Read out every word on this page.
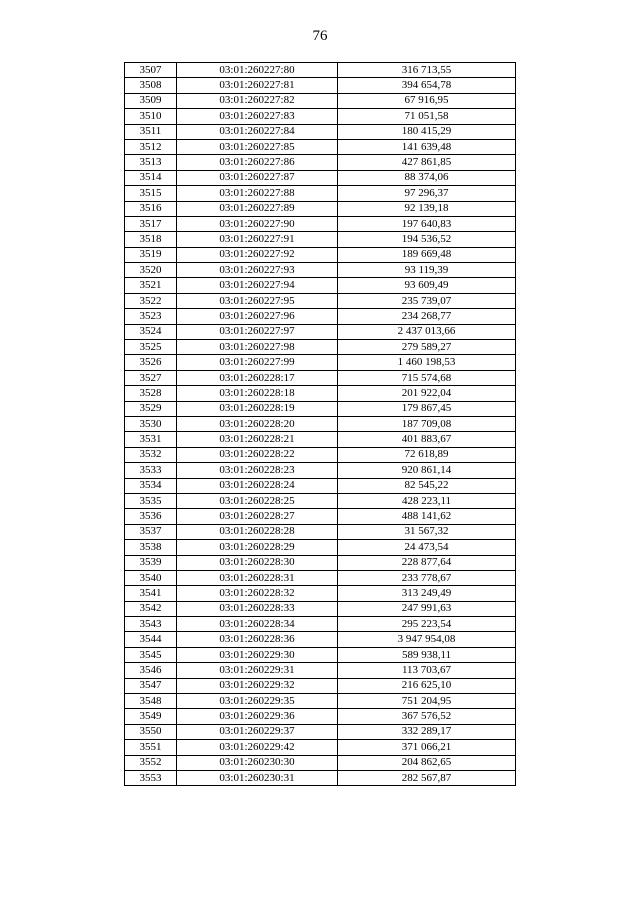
76
3507	03:01:260227:80	316 713,55
3508	03:01:260227:81	394 654,78
3509	03:01:260227:82	67 916,95
3510	03:01:260227:83	71 051,58
3511	03:01:260227:84	180 415,29
3512	03:01:260227:85	141 639,48
3513	03:01:260227:86	427 861,85
3514	03:01:260227:87	88 374,06
3515	03:01:260227:88	97 296,37
3516	03:01:260227:89	92 139,18
3517	03:01:260227:90	197 640,83
3518	03:01:260227:91	194 536,52
3519	03:01:260227:92	189 669,48
3520	03:01:260227:93	93 119,39
3521	03:01:260227:94	93 609,49
3522	03:01:260227:95	235 739,07
3523	03:01:260227:96	234 268,77
3524	03:01:260227:97	2 437 013,66
3525	03:01:260227:98	279 589,27
3526	03:01:260227:99	1 460 198,53
3527	03:01:260228:17	715 574,68
3528	03:01:260228:18	201 922,04
3529	03:01:260228:19	179 867,45
3530	03:01:260228:20	187 709,08
3531	03:01:260228:21	401 883,67
3532	03:01:260228:22	72 618,89
3533	03:01:260228:23	920 861,14
3534	03:01:260228:24	82 545,22
3535	03:01:260228:25	428 223,11
3536	03:01:260228:27	488 141,62
3537	03:01:260228:28	31 567,32
3538	03:01:260228:29	24 473,54
3539	03:01:260228:30	228 877,64
3540	03:01:260228:31	233 778,67
3541	03:01:260228:32	313 249,49
3542	03:01:260228:33	247 991,63
3543	03:01:260228:34	295 223,54
3544	03:01:260228:36	3 947 954,08
3545	03:01:260229:30	589 938,11
3546	03:01:260229:31	113 703,67
3547	03:01:260229:32	216 625,10
3548	03:01:260229:35	751 204,95
3549	03:01:260229:36	367 576,52
3550	03:01:260229:37	332 289,17
3551	03:01:260229:42	371 066,21
3552	03:01:260230:30	204 862,65
3553	03:01:260230:31	282 567,87
